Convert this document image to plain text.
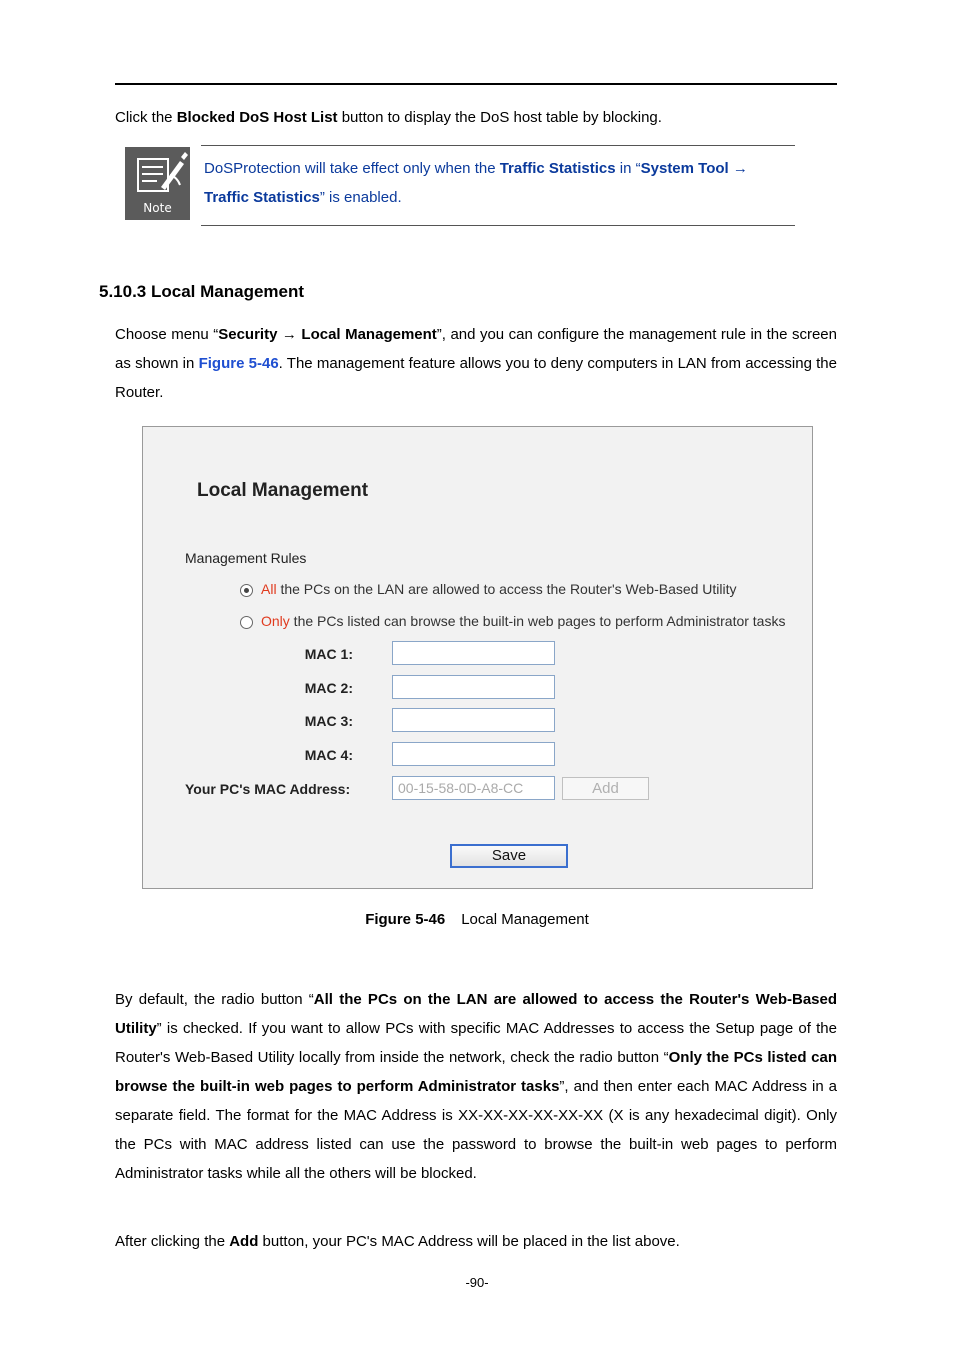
Click the Blocked DoS Host List button to display the DoS host table by blocking.

Note
DoSProtection will take effect only when the Traffic Statistics in “System Tool →
Traffic Statistics” is enabled.
5.10.3 Local Management

Choose menu “Security → Local Management”, and you can configure the management rule in the screen as shown in Figure 5-46. The management feature allows you to deny computers in LAN from accessing the Router.

Local Management
Management Rules
All the PCs on the LAN are allowed to access the Router's Web-Based Utility
Only the PCs listed can browse the built-in web pages to perform Administrator tasks
MAC 1:
MAC 2:
MAC 3:
MAC 4:
Your PC's MAC Address:
00-15-58-0D-A8-CC	Add
Save
Figure 5-46 Local Management

By default, the radio button “All the PCs on the LAN are allowed to access the Router's Web-Based Utility” is checked. If you want to allow PCs with specific MAC Addresses to access the Setup page of the Router's Web-Based Utility locally from inside the network, check the radio button “Only the PCs listed can browse the built-in web pages to perform Administrator tasks”, and then enter each MAC Address in a separate field. The format for the MAC Address is XX-XX-XX-XX-XX-XX (X is any hexadecimal digit). Only the PCs with MAC address listed can use the password to browse the built-in web pages to perform Administrator tasks while all the others will be blocked.

After clicking the Add button, your PC's MAC Address will be placed in the list above.

-90-
